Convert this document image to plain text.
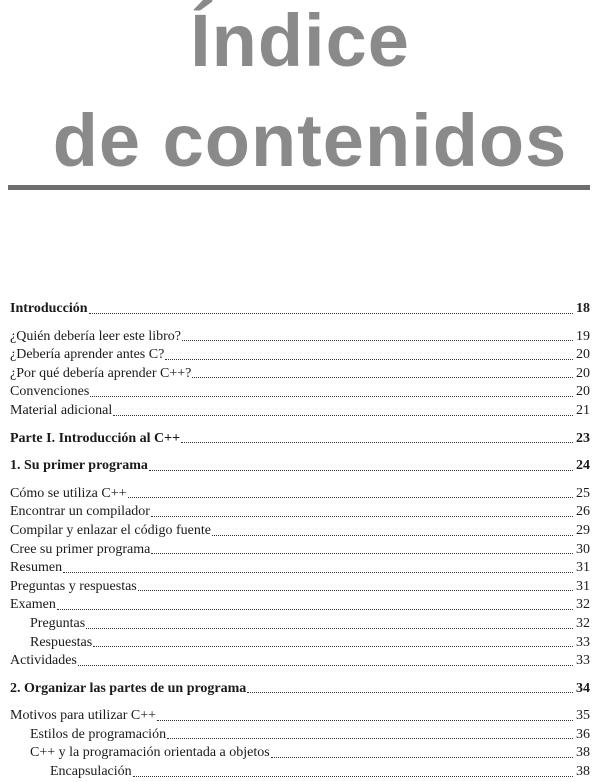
Índice
de contenidos
Introducción	18
¿Quién debería leer este libro?	19
¿Debería aprender antes C?	20
¿Por qué debería aprender C++?	20
Convenciones	20
Material adicional	21
Parte I. Introducción al C++	23
1. Su primer programa	24
Cómo se utiliza C++	25
Encontrar un compilador	26
Compilar y enlazar el código fuente	29
Cree su primer programa	30
Resumen	31
Preguntas y respuestas	31
Examen	32
Preguntas	32
Respuestas	33
Actividades	33
2. Organizar las partes de un programa	34
Motivos para utilizar C++	35
Estilos de programación	36
C++ y la programación orientada a objetos	38
Encapsulación	38
